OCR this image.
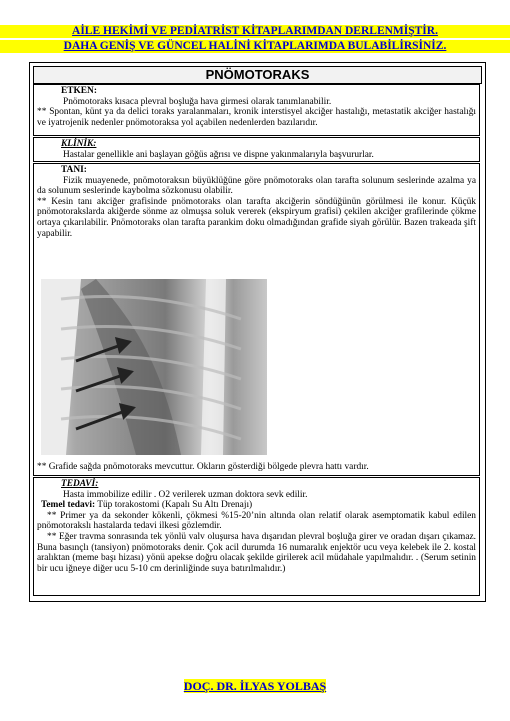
AİLE HEKİMİ VE PEDİATRİST KİTAPLARIMDAN DERLENMİŞTİR.
DAHA GENİŞ VE GÜNCEL HALİNİ KİTAPLARIMDA BULABİLİRSİNİZ.
PNÖMOTORAKS

ETKEN:

Pnömotoraks kısaca plevral boşluğa hava girmesi olarak tanımlanabilir.

** Spontan, künt ya da delici toraks yaralanmaları, kronik interstisyel akciğer hastalığı, metastatik akciğer hastalığı ve iyatrojenik nedenler pnömotoraksa yol açabilen nedenlerden bazılarıdır.

KLİNİK:

Hastalar genellikle ani başlayan göğüs ağrısı ve dispne yakınmalarıyla başvururlar.

TANI:

Fizik muayenede, pnömotoraksın büyüklüğüne göre pnömotoraks olan tarafta solunum seslerinde azalma ya da solunum seslerinde kaybolma sözkonusu olabilir.

** Kesin tanı akciğer grafisinde pnömotoraks olan tarafta akciğerin söndüğünün görülmesi ile konur. Küçük pnömotorakslarda akiğerde sönme az olmuşsa soluk vererek (ekspiryum grafisi) çekilen akciğer grafilerinde çökme ortaya çıkarılabilir. Pnömotoraks olan tarafta parankim doku olmadığından grafide siyah görülür. Bazen trakeada şift yapabilir.

** Grafide sağda pnömotoraks mevcuttur. Okların gösterdiği bölgede plevra hattı vardır.

TEDAVİ:

Hasta immobilize edilir . O2 verilerek uzman doktora sevk edilir.

Temel tedavi: Tüp torakostomi (Kapalı Su Altı Drenajı)

** Primer ya da sekonder kökenli, çökmesi %15-20’nin altında olan relatif olarak asemptomatik kabul edilen pnömotorakslı hastalarda tedavi ilkesi gözlemdir.

** Eğer travma sonrasında tek yönlü valv oluşursa hava dışarıdan plevral boşluğa girer ve oradan dışarı çıkamaz. Buna basınçlı (tansiyon) pnömotoraks denir. Çok acil durumda 16 numaralık enjektör ucu veya kelebek ile 2. kostal aralıktan (meme başı hizası) yönü apekse doğru olacak şekilde girilerek acil müdahale yapılmalıdır. . (Serum setinin bir ucu iğneye diğer ucu 5-10 cm derinliğinde suya batırılmalıdır.)

DOÇ. DR. İLYAS YOLBAŞ
